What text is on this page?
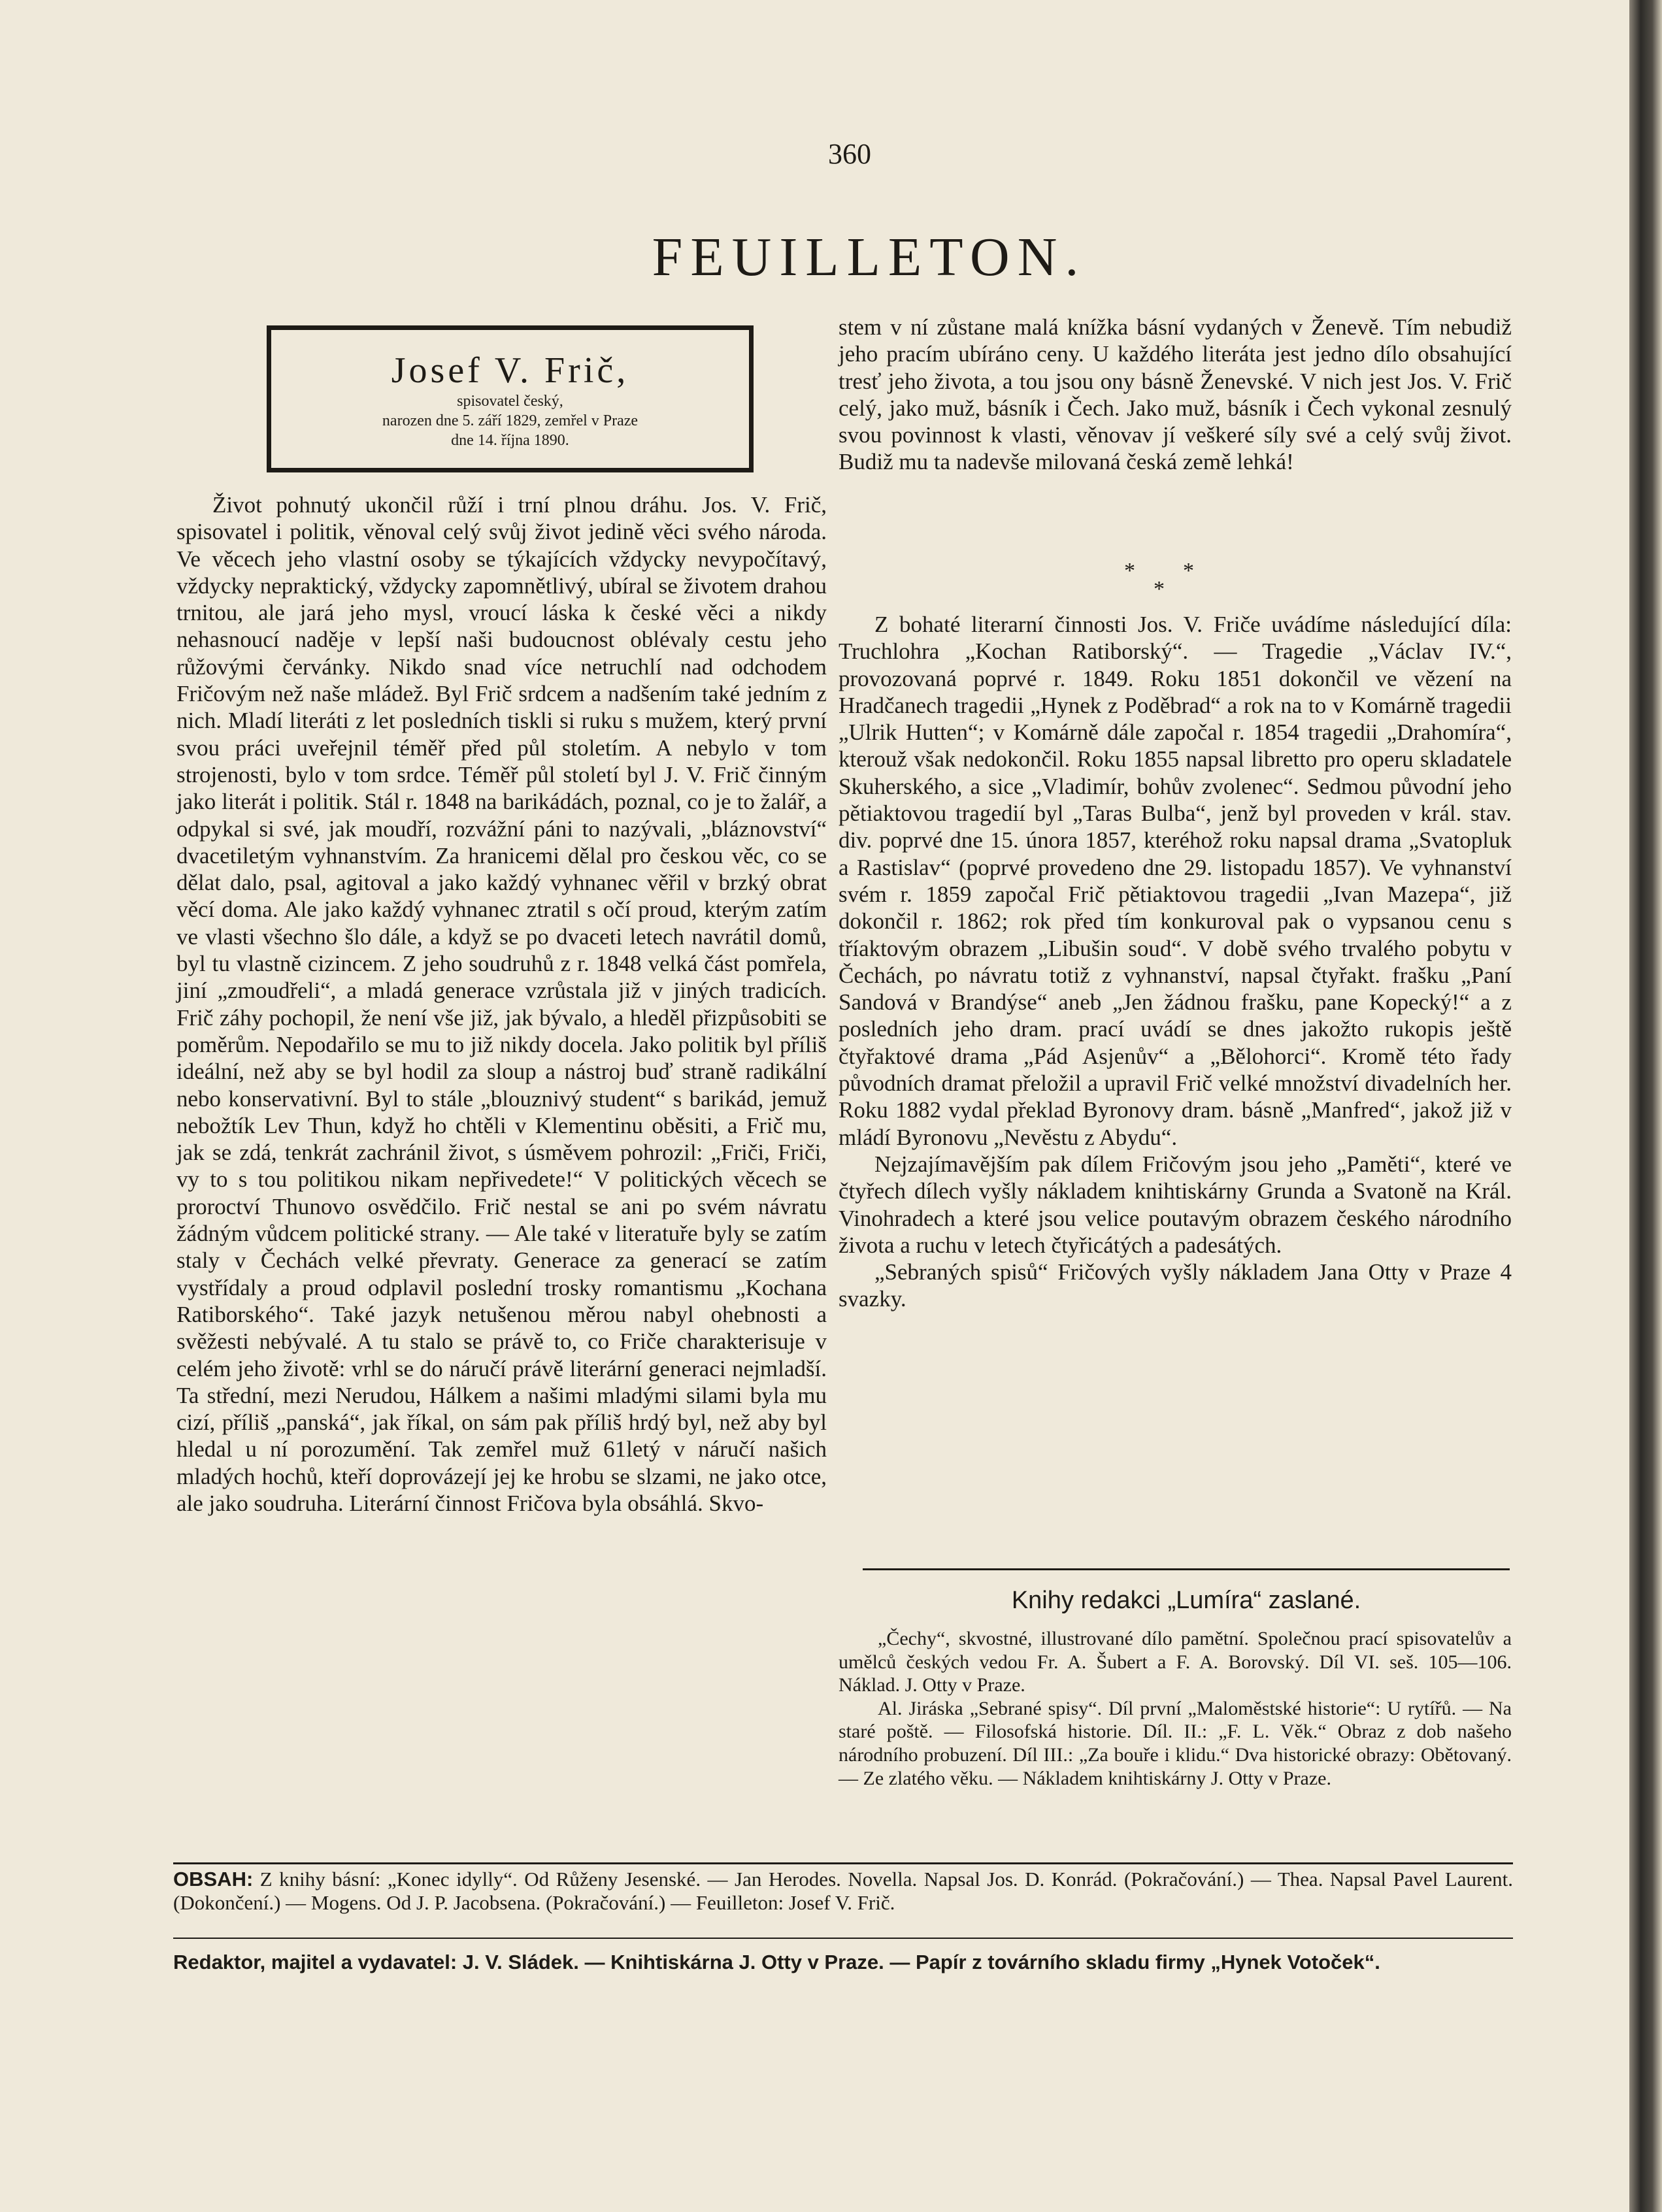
360
FEUILLETON.
Josef V. Frič,
spisovatel český,
narozen dne 5. září 1829, zemřel v Praze
dne 14. října 1890.

Život pohnutý ukončil růží i trní plnou dráhu. Jos. V. Frič, spisovatel i politik, věnoval celý svůj život jedině věci svého národa. Ve věcech jeho vlastní osoby se týkajících vždycky nevypočítavý, vždycky nepraktický, vždycky zapomnětlivý, ubíral se životem drahou trnitou, ale jará jeho mysl, vroucí láska k české věci a nikdy nehasnoucí naděje v lepší naši budoucnost oblévaly cestu jeho růžovými červánky. Nikdo snad více netruchlí nad odchodem Fričovým než naše mládež. Byl Frič srdcem a nadšením také jedním z nich. Mladí literáti z let posledních tiskli si ruku s mužem, který první svou práci uveřejnil téměř před půl stoletím. A nebylo v tom strojenosti, bylo v tom srdce. Téměř půl století byl J. V. Frič činným jako literát i politik. Stál r. 1848 na barikádách, poznal, co je to žalář, a odpykal si své, jak moudří, rozvážní páni to nazývali, „bláznovství“ dvacetiletým vyhnanstvím. Za hranicemi dělal pro českou věc, co se dělat dalo, psal, agitoval a jako každý vyhnanec věřil v brzký obrat věcí doma. Ale jako každý vyhnanec ztratil s očí proud, kterým zatím ve vlasti všechno šlo dále, a když se po dvaceti letech navrátil domů, byl tu vlastně cizincem. Z jeho soudruhů z r. 1848 velká část pomřela, jiní „zmoudřeli“, a mladá generace vzrůstala již v jiných tradicích. Frič záhy pochopil, že není vše již, jak bývalo, a hleděl přizpůsobiti se poměrům. Nepodařilo se mu to již nikdy docela. Jako politik byl příliš ideální, než aby se byl hodil za sloup a nástroj buď straně radikální nebo konservativní. Byl to stále „blouznivý student“ s barikád, jemuž nebožtík Lev Thun, když ho chtěli v Klementinu oběsiti, a Frič mu, jak se zdá, tenkrát zachránil život, s úsměvem pohrozil: „Friči, Friči, vy to s tou politikou nikam nepřivedete!“ V politických věcech se proroctví Thunovo osvědčilo. Frič nestal se ani po svém návratu žádným vůdcem politické strany. — Ale také v literatuře byly se zatím staly v Čechách velké převraty. Generace za generací se zatím vystřídaly a proud odplavil poslední trosky romantismu „Kochana Ratiborského“. Také jazyk netušenou měrou nabyl ohebnosti a svěžesti nebývalé. A tu stalo se právě to, co Friče charakterisuje v celém jeho životě: vrhl se do náručí právě literární generaci nejmladší. Ta střední, mezi Nerudou, Hálkem a našimi mladými silami byla mu cizí, příliš „panská“, jak říkal, on sám pak příliš hrdý byl, než aby byl hledal u ní porozumění. Tak zemřel muž 61letý v náručí našich mladých hochů, kteří doprovázejí jej ke hrobu se slzami, ne jako otce, ale jako soudruha. Literární činnost Fričova byla obsáhlá. Skvo-

stem v ní zůstane malá knížka básní vydaných v Ženevě. Tím nebudiž jeho pracím ubíráno ceny. U každého literáta jest jedno dílo obsahující tresť jeho života, a tou jsou ony básně Ženevské. V nich jest Jos. V. Frič celý, jako muž, básník i Čech. Jako muž, básník i Čech vykonal zesnulý svou povinnost k vlasti, věnovav jí veškeré síly své a celý svůj život. Budiž mu ta nadevše milovaná česká země lehká!

* *
*

Z bohaté literarní činnosti Jos. V. Friče uvádíme následující díla: Truchlohra „Kochan Ratiborský“. — Tragedie „Václav IV.“, provozovaná poprvé r. 1849. Roku 1851 dokončil ve vězení na Hradčanech tragedii „Hynek z Poděbrad“ a rok na to v Komárně tragedii „Ulrik Hutten“; v Komárně dále započal r. 1854 tragedii „Drahomíra“, kterouž však nedokončil. Roku 1855 napsal libretto pro operu skladatele Skuherského, a sice „Vladimír, bohův zvolenec“. Sedmou původní jeho pětiaktovou tragedií byl „Taras Bulba“, jenž byl proveden v král. stav. div. poprvé dne 15. února 1857, kteréhož roku napsal drama „Svatopluk a Rastislav“ (poprvé provedeno dne 29. listopadu 1857). Ve vyhnanství svém r. 1859 započal Frič pětiaktovou tragedii „Ivan Mazepa“, již dokončil r. 1862; rok před tím konkuroval pak o vypsanou cenu s tříaktovým obrazem „Libušin soud“. V době svého trvalého pobytu v Čechách, po návratu totiž z vyhnanství, napsal čtyřakt. frašku „Paní Sandová v Brandýse“ aneb „Jen žádnou frašku, pane Kopecký!“ a z posledních jeho dram. prací uvádí se dnes jakožto rukopis ještě čtyřaktové drama „Pád Asjenův“ a „Bělohorci“. Kromě této řady původních dramat přeložil a upravil Frič velké množství divadelních her. Roku 1882 vydal překlad Byronovy dram. básně „Manfred“, jakož již v mládí Byronovu „Nevěstu z Abydu“.

Nejzajímavějším pak dílem Fričovým jsou jeho „Paměti“, které ve čtyřech dílech vyšly nákladem knihtiskárny Grunda a Svatoně na Král. Vinohradech a které jsou velice poutavým obrazem českého národního života a ruchu v letech čtyřicátých a padesátých.

„Sebraných spisů“ Fričových vyšly nákladem Jana Otty v Praze 4 svazky.

Knihy redakci „Lumíra“ zaslané.

„Čechy“, skvostné, illustrované dílo pamětní. Společnou prací spisovatelův a umělců českých vedou Fr. A. Šubert a F. A. Borovský. Díl VI. seš. 105—106. Náklad. J. Otty v Praze.

Al. Jiráska „Sebrané spisy“. Díl první „Maloměstské historie“: U rytířů. — Na staré poště. — Filosofská historie. Díl. II.: „F. L. Věk.“ Obraz z dob našeho národního probuzení. Díl III.: „Za bouře i klidu.“ Dva historické obrazy: Obětovaný. — Ze zlatého věku. — Nákladem knihtiskárny J. Otty v Praze.

OBSAH: Z knihy básní: „Konec idylly“. Od Růženy Jesenské. — Jan Herodes. Novella. Napsal Jos. D. Konrád. (Pokračování.) — Thea. Napsal Pavel Laurent. (Dokončení.) — Mogens. Od J. P. Jacobsena. (Pokračování.) — Feuilleton: Josef V. Frič.
Redaktor, majitel a vydavatel: J. V. Sládek. — Knihtiskárna J. Otty v Praze. — Papír z továrního skladu firmy „Hynek Votoček“.
